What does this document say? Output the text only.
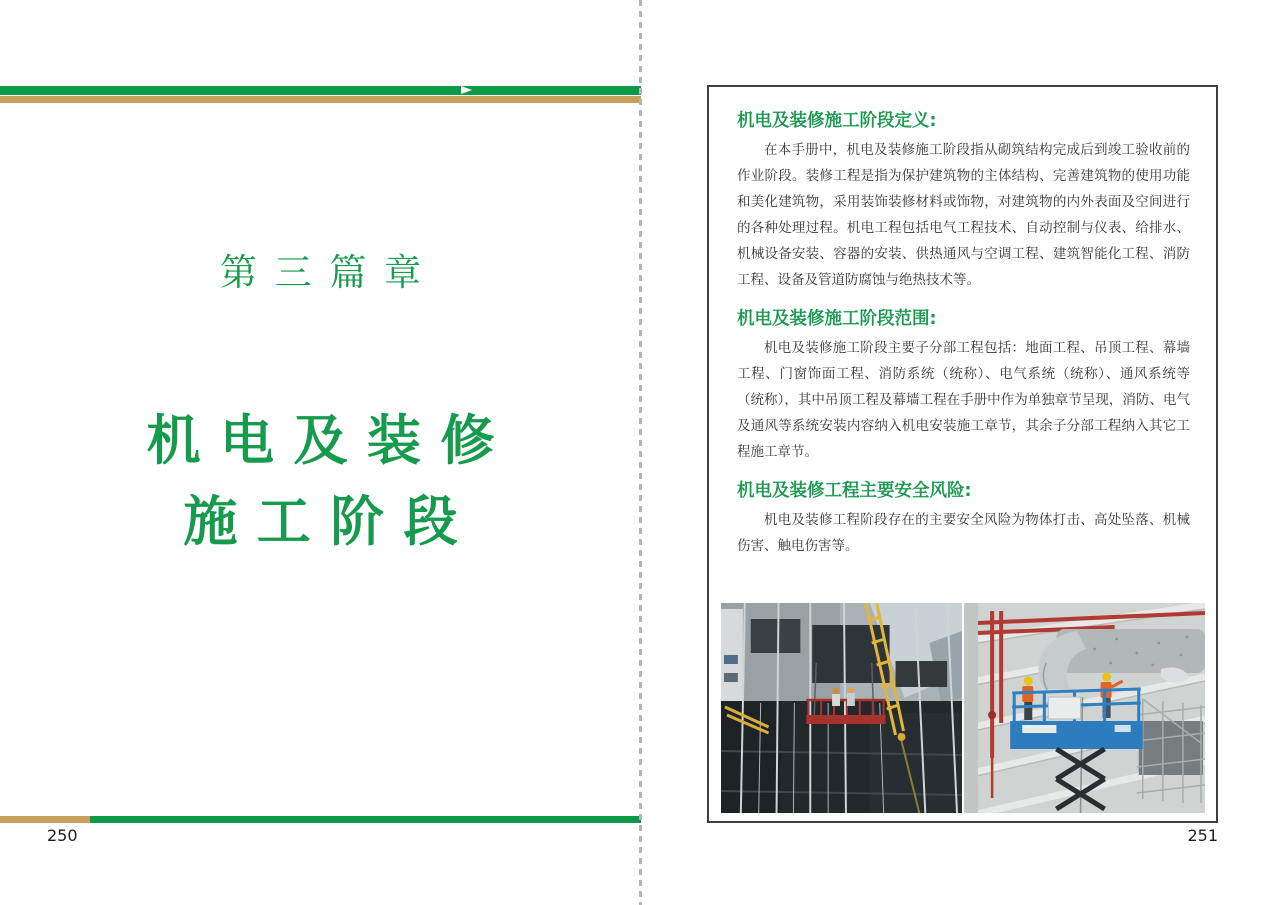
第三篇章
机电及装修
施工阶段
250
机电及装修施工阶段定义:

在本手册中，机电及装修施工阶段指从砌筑结构完成后到竣工验收前的作业阶段。装修工程是指为保护建筑物的主体结构、完善建筑物的使用功能和美化建筑物，采用装饰装修材料或饰物，对建筑物的内外表面及空间进行的各种处理过程。机电工程包括电气工程技术、自动控制与仪表、给排水、机械设备安装、容器的安装、供热通风与空调工程、建筑智能化工程、消防工程、设备及管道防腐蚀与绝热技术等。

机电及装修施工阶段范围:

机电及装修施工阶段主要子分部工程包括：地面工程、吊顶工程、幕墙工程、门窗饰面工程、消防系统（统称）、电气系统（统称）、通风系统等（统称），其中吊顶工程及幕墙工程在手册中作为单独章节呈现，消防、电气及通风等系统安装内容纳入机电安装施工章节，其余子分部工程纳入其它工程施工章节。

机电及装修工程主要安全风险:

机电及装修工程阶段存在的主要安全风险为物体打击、高处坠落、机械伤害、触电伤害等。

251
